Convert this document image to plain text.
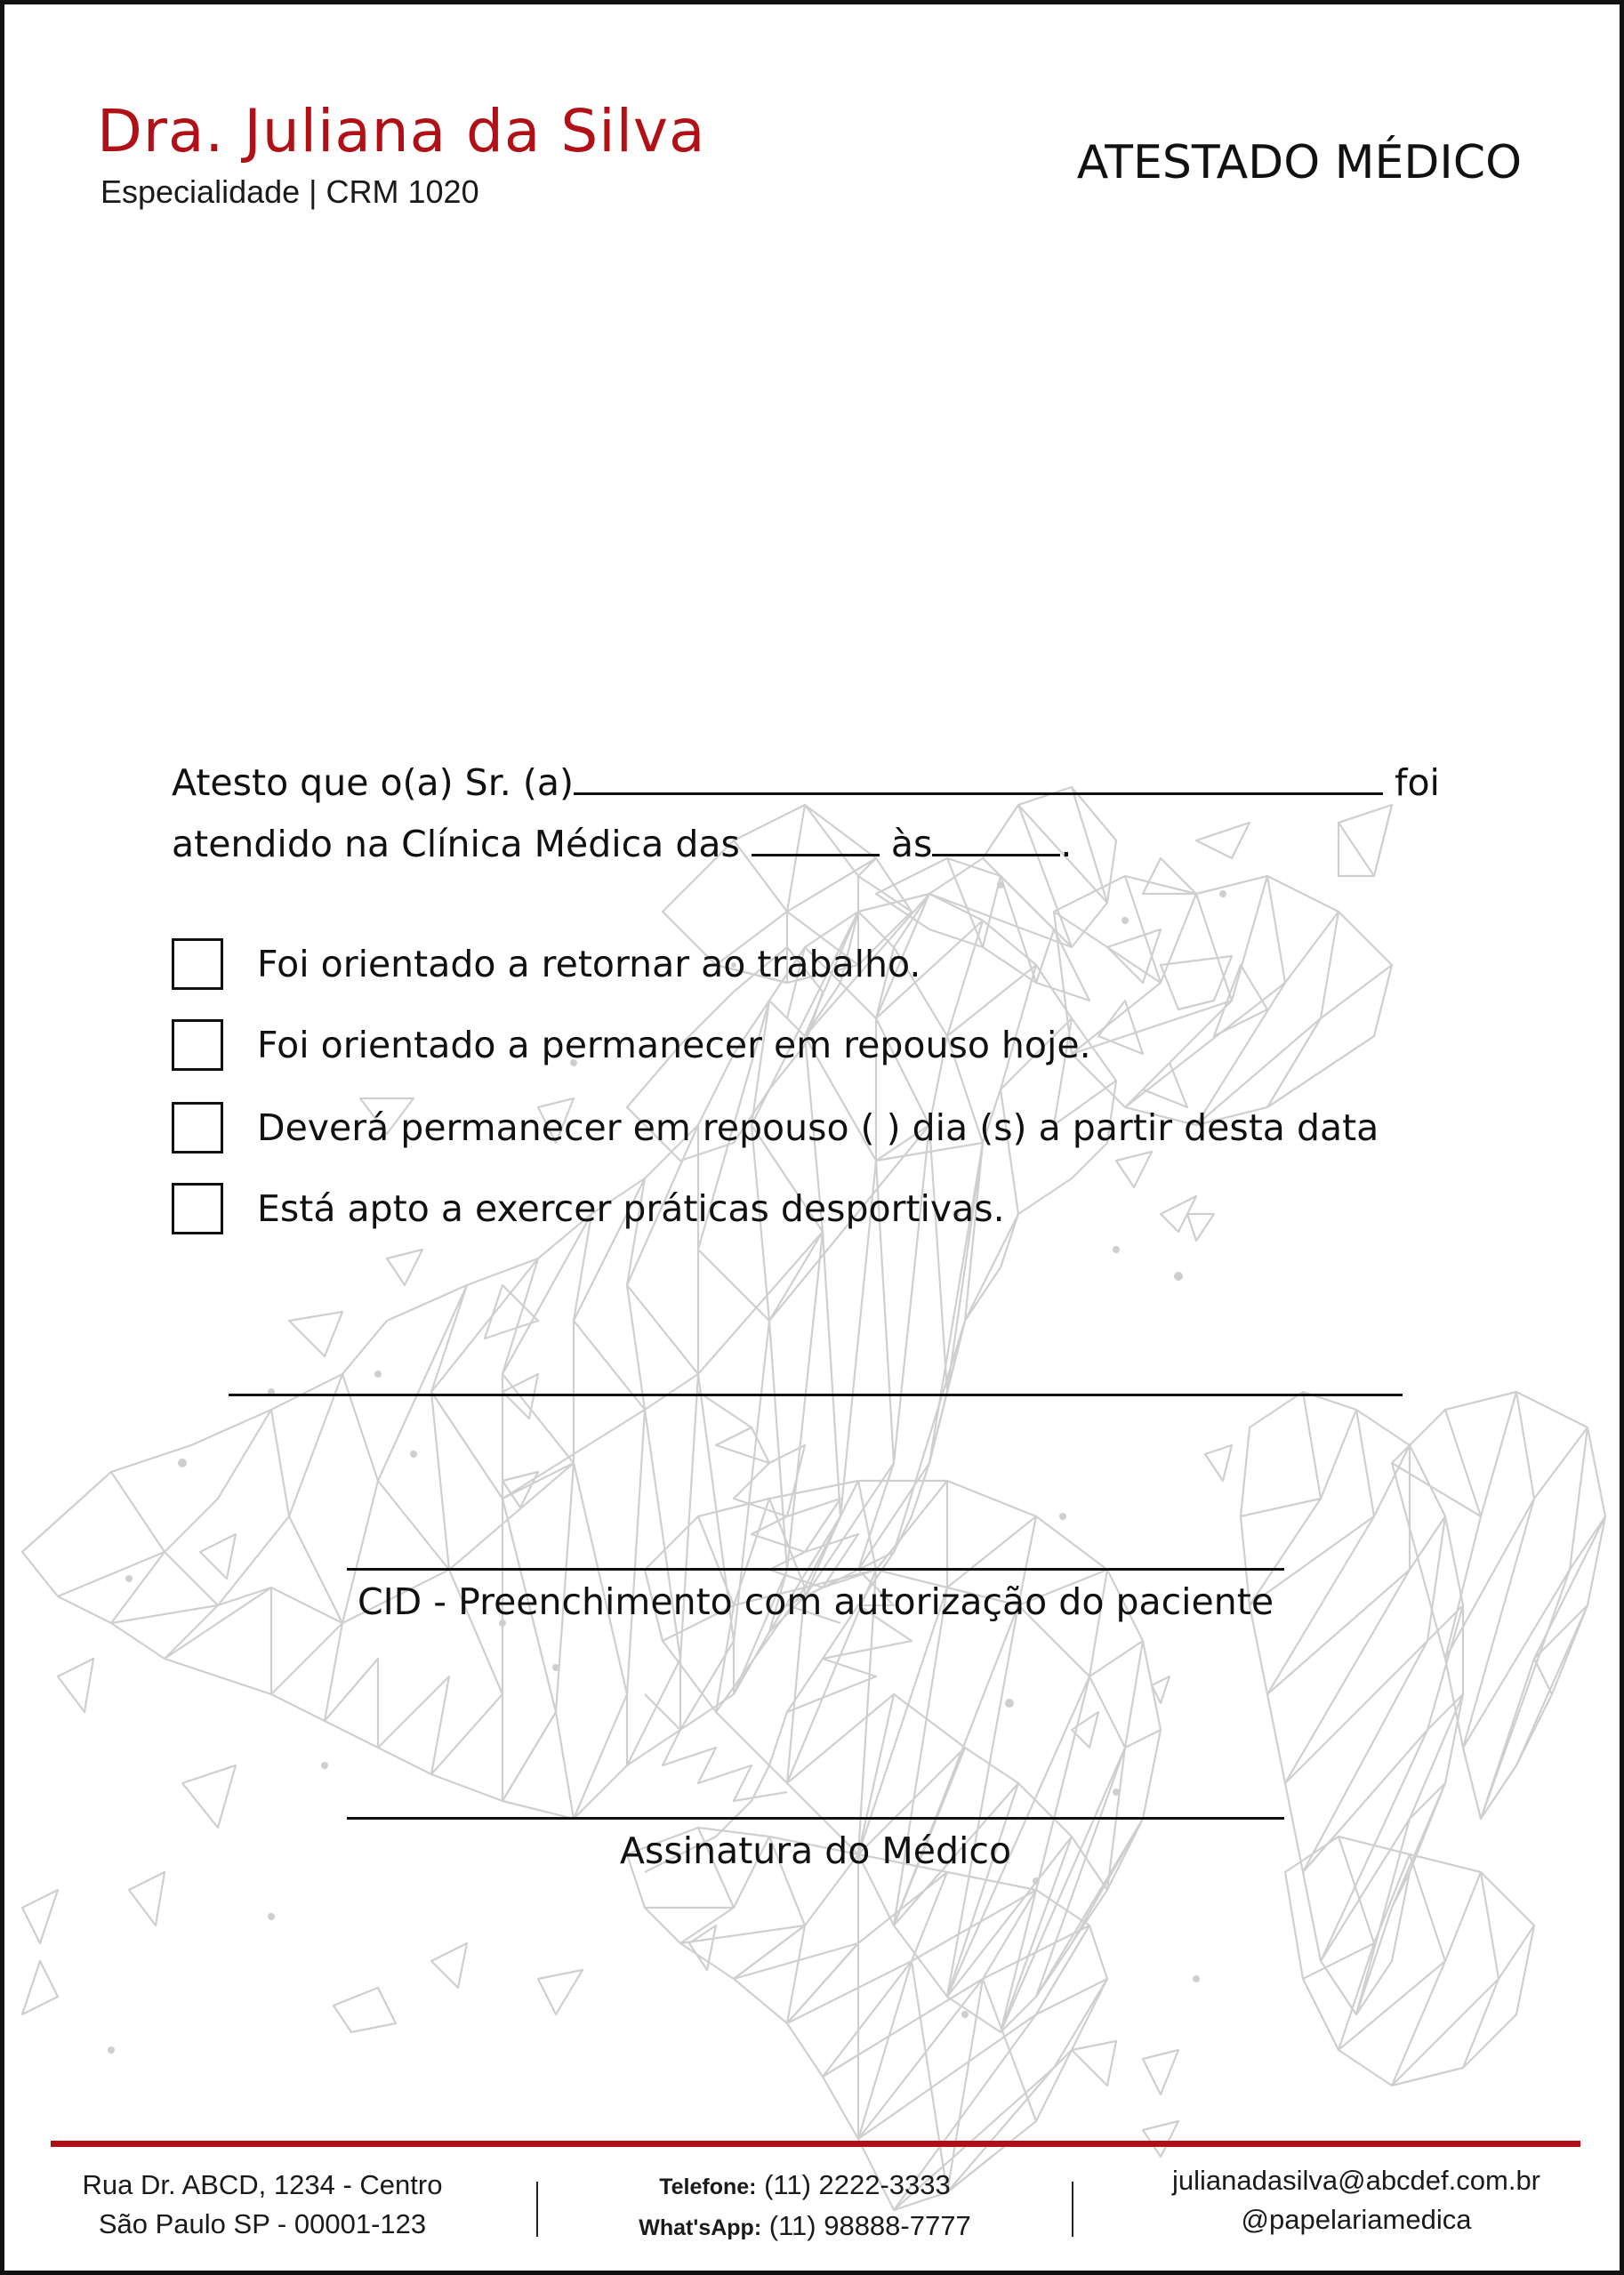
Dra. Juliana da Silva
Especialidade | CRM 1020
ATESTADO MÉDICO
Atesto que o(a) Sr. (a)	foi
atendido na Clínica Médica das	às	.
Foi orientado a retornar ao trabalho.
Foi orientado a permanecer em repouso hoje.
Deverá permanecer em repouso ( ) dia (s) a partir desta data
Está apto a exercer práticas desportivas.
CID - Preenchimento com autorização do paciente
Assinatura do Médico
Rua Dr. ABCD, 1234 - Centro
São Paulo SP - 00001-123
Telefone: (11) 2222-3333
What'sApp: (11) 98888-7777
julianadasilva@abcdef.com.br
@papelariamedica
